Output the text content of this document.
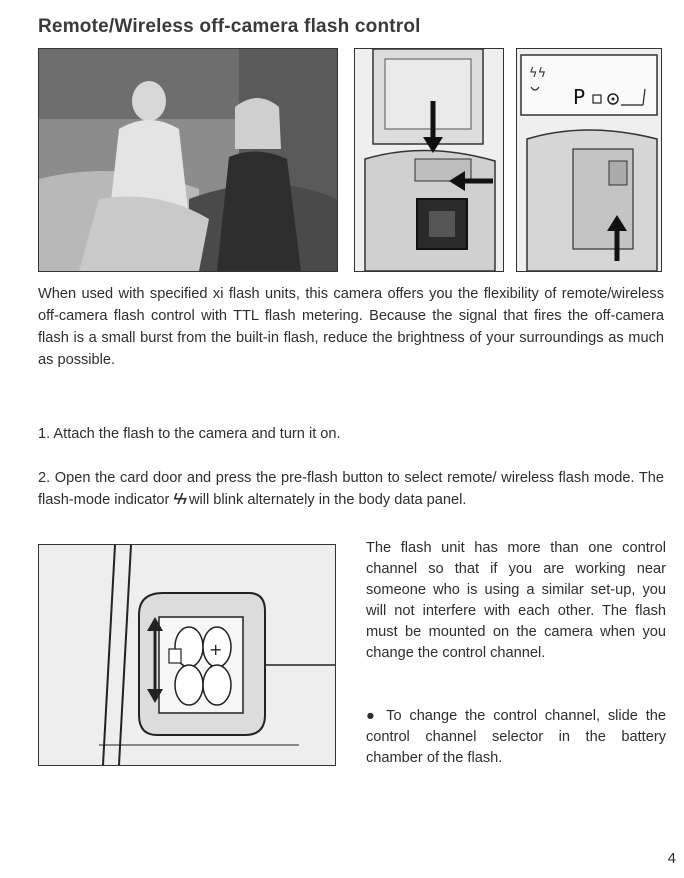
Remote/Wireless off-camera flash control
ϟϟ
P

When used with specified xi flash units, this camera offers you the flexibility of remote/wireless off-camera flash control with TTL flash metering. Because the signal that fires the off-camera flash is a small burst from the built-in flash, reduce the brightness of your surroundings as much as possible.

1. Attach the flash to the camera and turn it on.

2. Open the card door and press the pre-flash button to select remote/ wireless flash mode. The flash-mode indicator ϟϟ will blink alternately in the body data panel.

+

The flash unit has more than one control channel so that if you are working near someone who is using a similar set-up, you will not interfere with each other. The flash must be mounted on the camera when you change the control channel.

● To change the control channel, slide the control channel selector in the battery chamber of the flash.

4
